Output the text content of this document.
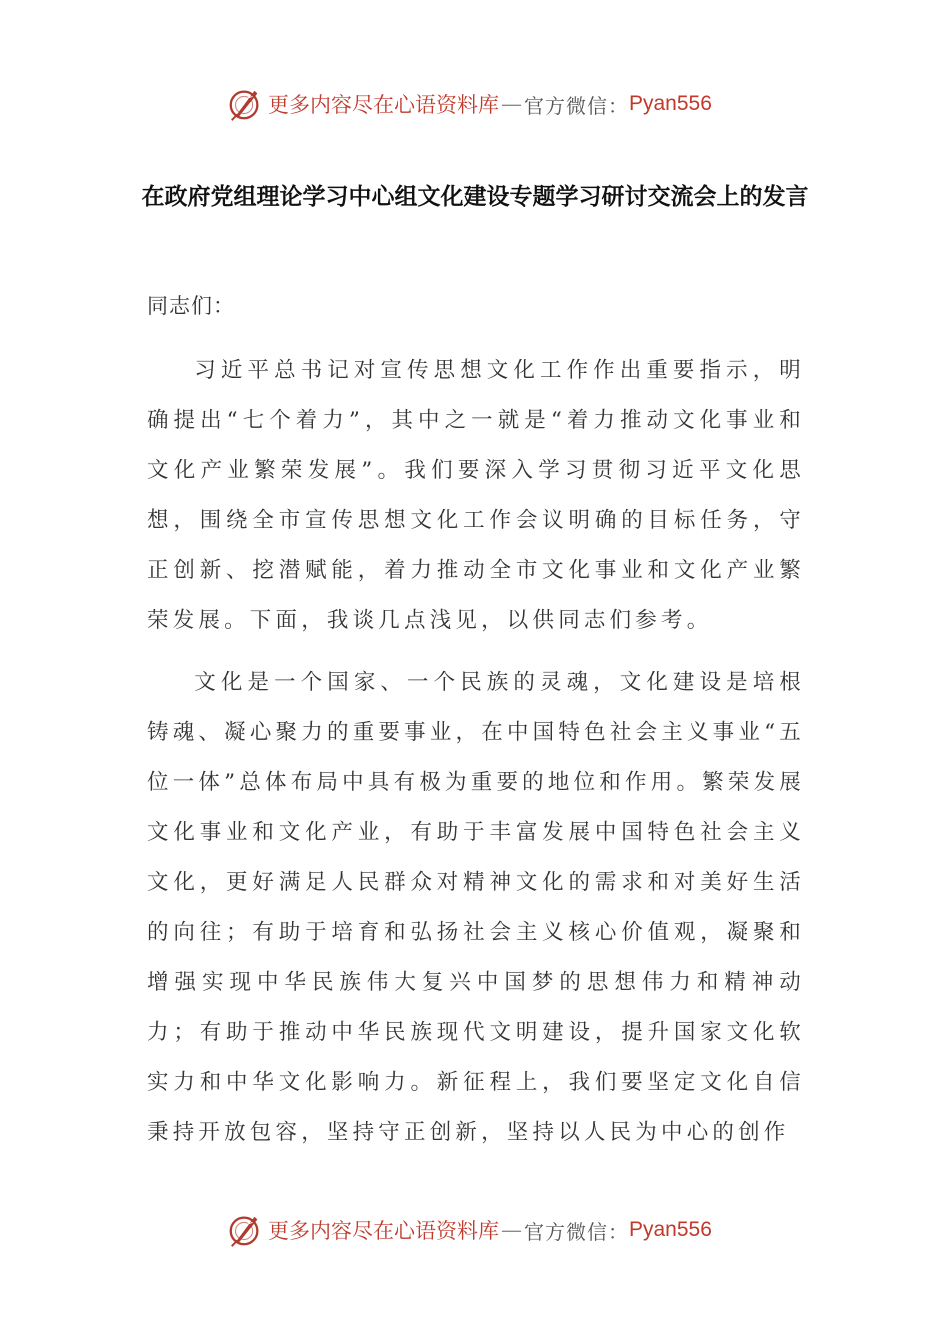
更多内容尽在心语资料库 — 官方微信： Pyan556
在政府党组理论学习中心组文化建设专题学习研讨交流会上的发言
同志们：

习近平总书记对宣传思想文化工作作出重要指示，明确提出“七个着力”，其中之一就是“着力推动文化事业和文化产业繁荣发展”。我们要深入学习贯彻习近平文化思想，围绕全市宣传思想文化工作会议明确的目标任务，守正创新、挖潜赋能，着力推动全市文化事业和文化产业繁荣发展。下面，我谈几点浅见，以供同志们参考。

文化是一个国家、一个民族的灵魂，文化建设是培根铸魂、凝心聚力的重要事业，在中国特色社会主义事业“五位一体”总体布局中具有极为重要的地位和作用。繁荣发展文化事业和文化产业，有助于丰富发展中国特色社会主义文化，更好满足人民群众对精神文化的需求和对美好生活的向往；有助于培育和弘扬社会主义核心价值观，凝聚和增强实现中华民族伟大复兴中国梦的思想伟力和精神动力；有助于推动中华民族现代文明建设，提升国家文化软实力和中华文化影响力。新征程上，我们要坚定文化自信秉持开放包容，坚持守正创新，坚持以人民为中心的创作

更多内容尽在心语资料库 — 官方微信： Pyan556
